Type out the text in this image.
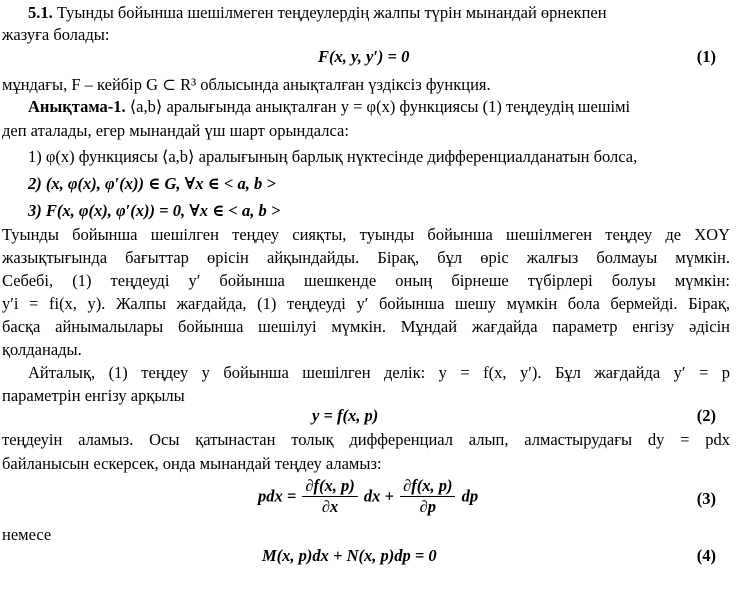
5.1. Туынды бойынша шешілмеген теңдеулердің жалпы түрін мынандай өрнекпен
жазуға болады:
F(x, y, y′) = 0	(1)
мұндағы, F – кейбір G ⊂ R³ облысында анықталған үздіксіз функция.
Анықтама-1. ⟨a,b⟩ аралығында анықталған y = φ(x) функциясы (1) теңдеудің шешімі
деп аталады, егер мынандай үш шарт орындалса:
1) φ(x) функциясы ⟨a,b⟩ аралығының барлық нүктесінде дифференциалданатын болса,
2) (x, φ(x), φ′(x)) ∈ G, ∀x ∈ < a, b >
3) F(x, φ(x), φ′(x)) = 0, ∀x ∈ < a, b >
Туынды бойынша шешілген теңдеу сияқты, туынды бойынша шешілмеген теңдеу де XOY
жазықтығында бағыттар өрісін айқындайды. Бірақ, бұл өріс жалғыз болмауы мүмкін.
Себебі, (1) теңдеуді y′ бойынша шешкенде оның бірнеше түбірлері болуы мүмкін:
y′i = fi(x, y). Жалпы жағдайда, (1) теңдеуді y′ бойынша шешу мүмкін бола бермейді. Бірақ,
басқа айнымалылары бойынша шешілуі мүмкін. Мұндай жағдайда параметр енгізу әдісін
қолданады.
Айталық, (1) теңдеу y бойынша шешілген делік: y = f(x, y′). Бұл жағдайда y′ = p
параметрін енгізу арқылы
y = f(x, p)	(2)
теңдеуін аламыз. Осы қатынастан толық дифференциал алып, алмастырудағы dy = pdx
байланысын ескерсек, онда мынандай теңдеу аламыз:
pdx = $\frac{\partial f(x, p)}{\partial x}$ dx + $\frac{\partial f(x, p)}{\partial p}$ dp	(3)
немесе
M(x, p)dx + N(x, p)dp = 0	(4)
